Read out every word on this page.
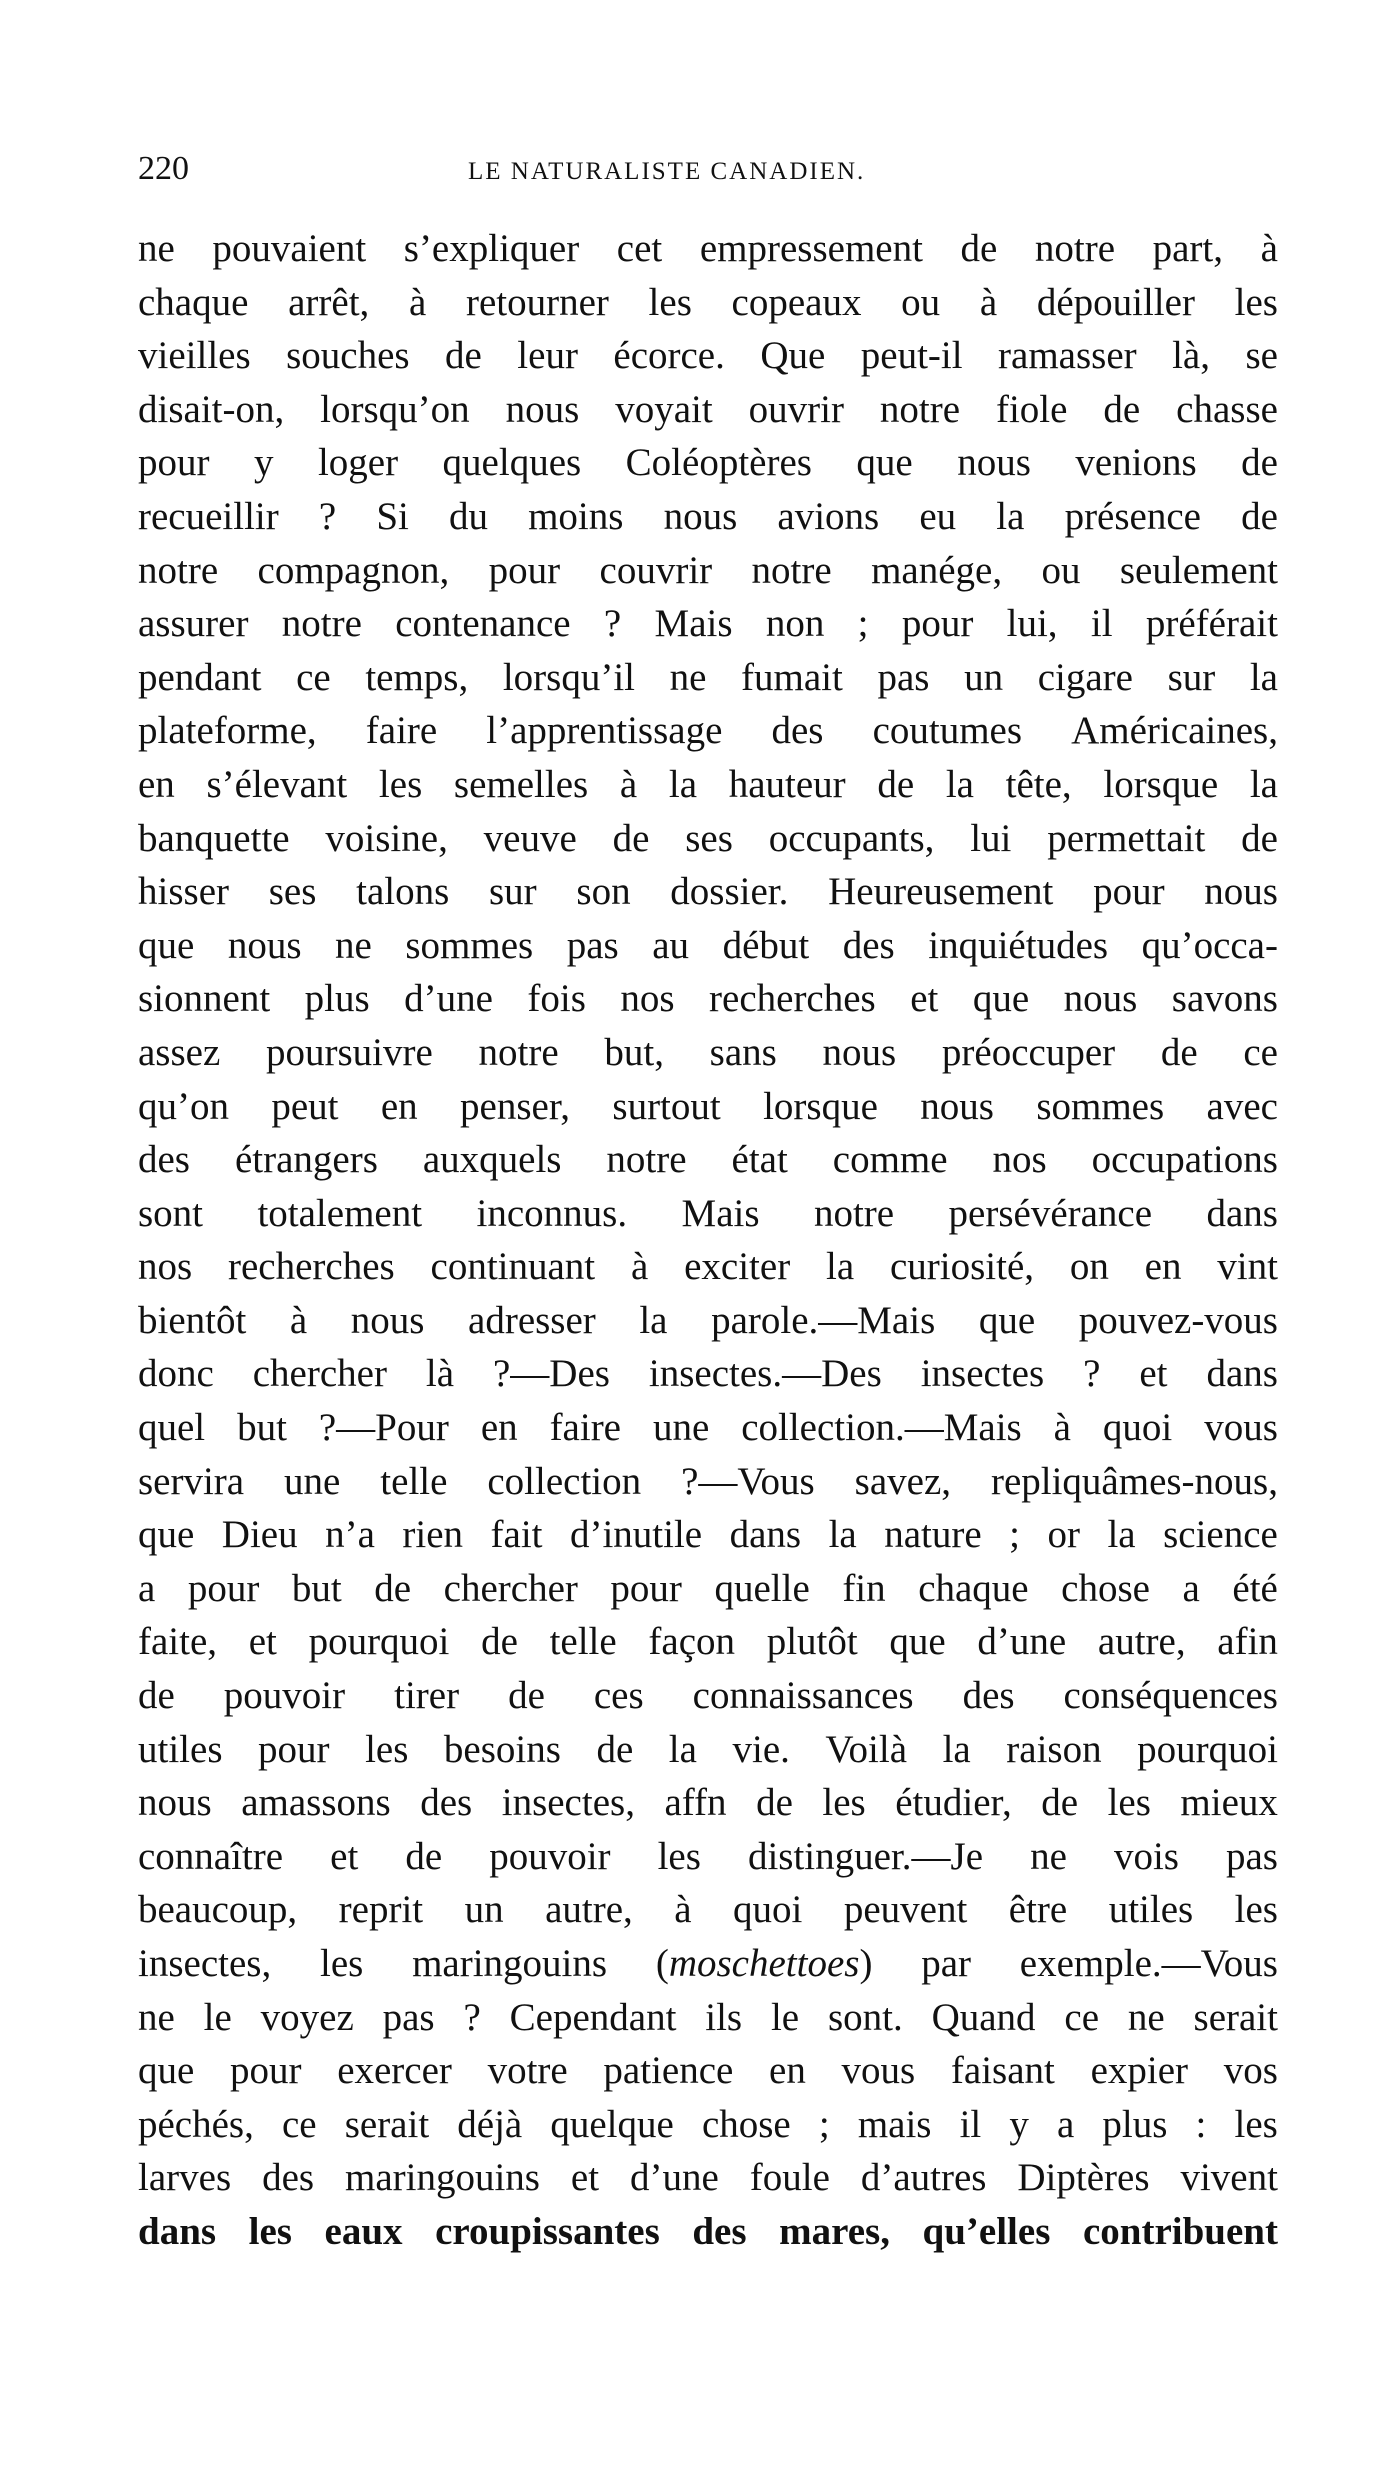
220	LE NATURALISTE CANADIEN.
ne pouvaient s’expliquer cet empressement de notre part, à
chaque arrêt, à retourner les copeaux ou à dépouiller les
vieilles souches de leur écorce. Que peut-il ramasser là, se
disait-on, lorsqu’on nous voyait ouvrir notre fiole de chasse
pour y loger quelques Coléoptères que nous venions de
recueillir ? Si du moins nous avions eu la présence de
notre compagnon, pour couvrir notre manége, ou seulement
assurer notre contenance ? Mais non ; pour lui, il préférait
pendant ce temps, lorsqu’il ne fumait pas un cigare sur la
plateforme, faire l’apprentissage des coutumes Américaines,
en s’élevant les semelles à la hauteur de la tête, lorsque la
banquette voisine, veuve de ses occupants, lui permettait de
hisser ses talons sur son dossier. Heureusement pour nous
que nous ne sommes pas au début des inquiétudes qu’occa-
sionnent plus d’une fois nos recherches et que nous savons
assez poursuivre notre but, sans nous préoccuper de ce
qu’on peut en penser, surtout lorsque nous sommes avec
des étrangers auxquels notre état comme nos occupations
sont totalement inconnus. Mais notre persévérance dans
nos recherches continuant à exciter la curiosité, on en vint
bientôt à nous adresser la parole.—Mais que pouvez-vous
donc chercher là ?—Des insectes.—Des insectes ? et dans
quel but ?—Pour en faire une collection.—Mais à quoi vous
servira une telle collection ?—Vous savez, repliquâmes-nous,
que Dieu n’a rien fait d’inutile dans la nature ; or la science
a pour but de chercher pour quelle fin chaque chose a été
faite, et pourquoi de telle façon plutôt que d’une autre, afin
de pouvoir tirer de ces connaissances des conséquences
utiles pour les besoins de la vie. Voilà la raison pourquoi
nous amassons des insectes, affn de les étudier, de les mieux
connaître et de pouvoir les distinguer.—Je ne vois pas
beaucoup, reprit un autre, à quoi peuvent être utiles les
insectes, les maringouins (moschettoes) par exemple.—Vous
ne le voyez pas ? Cependant ils le sont. Quand ce ne serait
que pour exercer votre patience en vous faisant expier vos
péchés, ce serait déjà quelque chose ; mais il y a plus : les
larves des maringouins et d’une foule d’autres Diptères vivent
dans les eaux croupissantes des mares, qu’elles contribuent
